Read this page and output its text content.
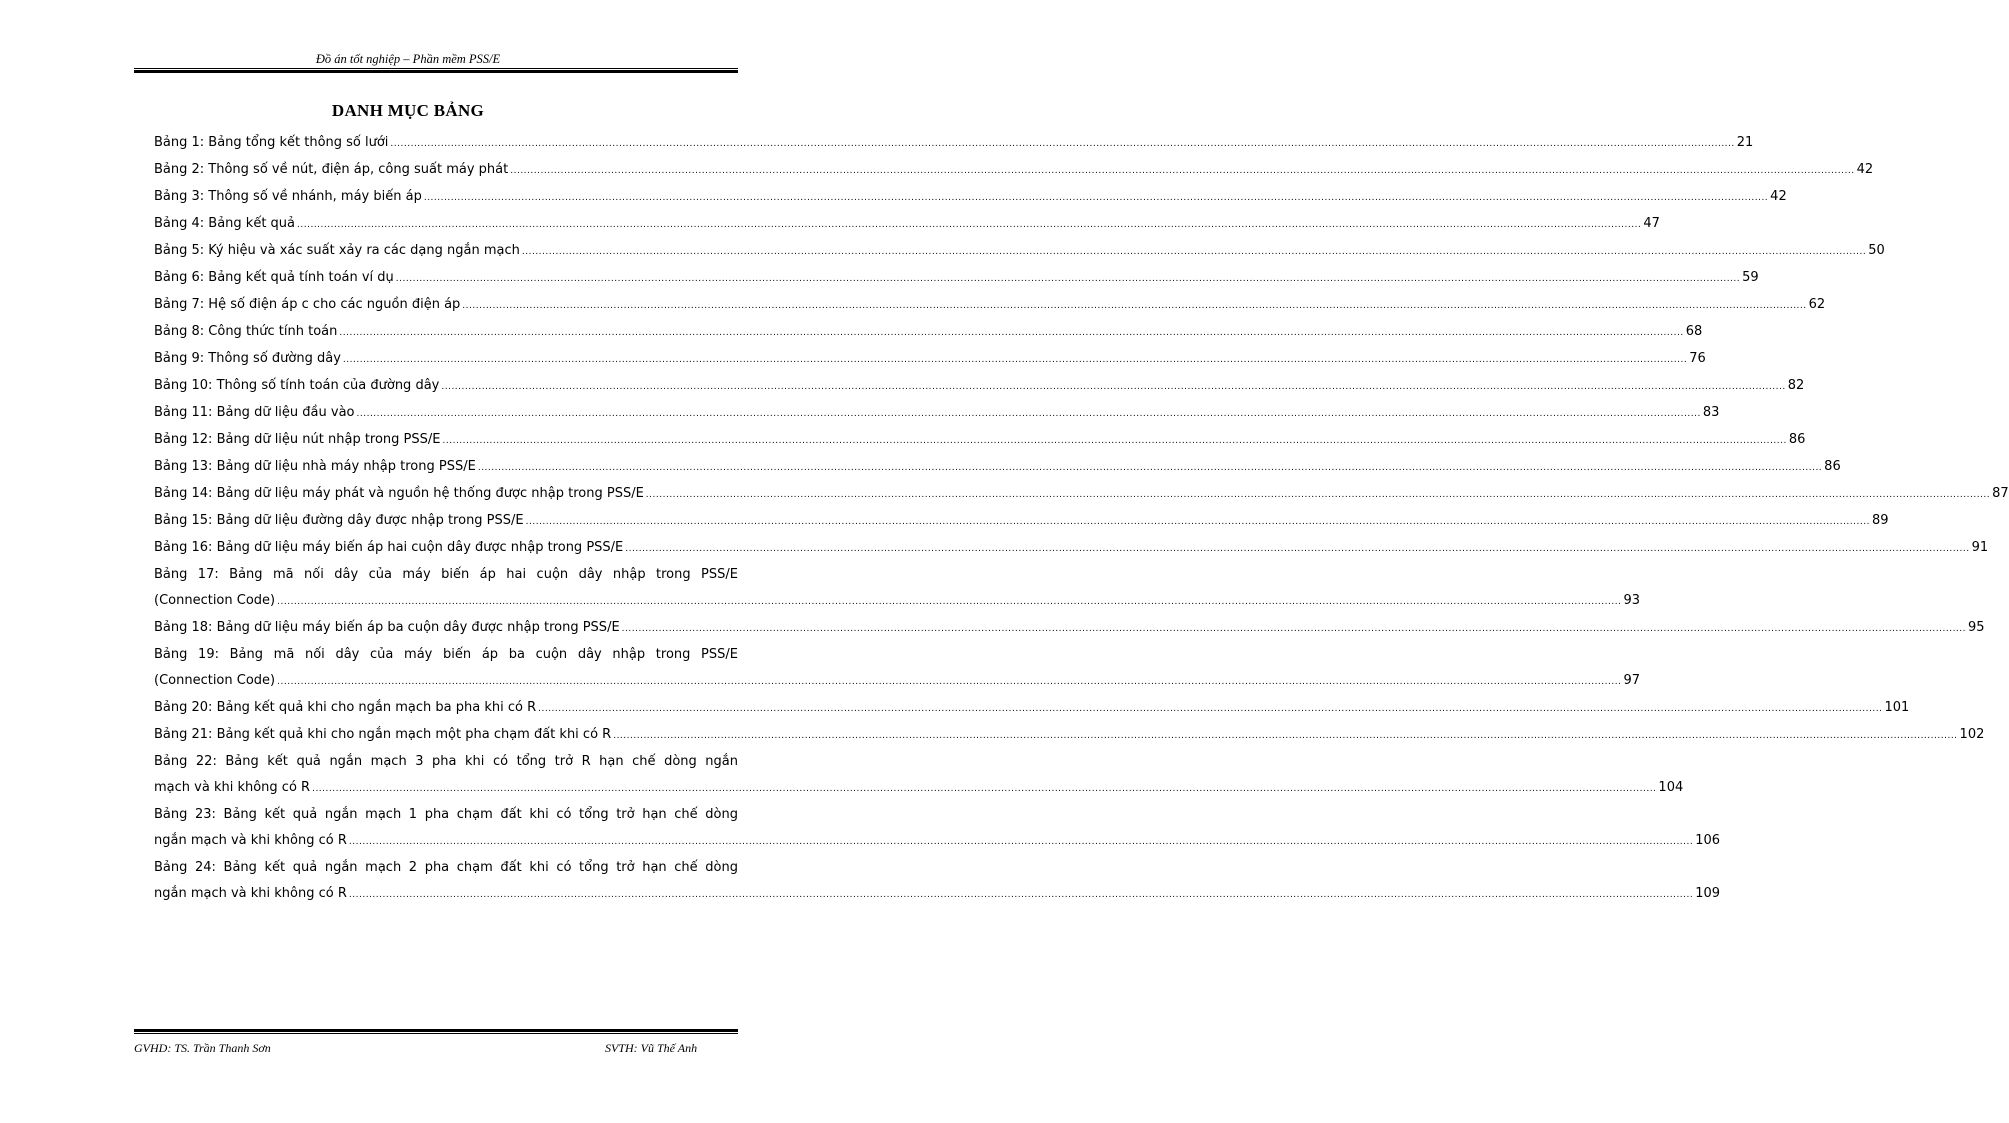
Đồ án tốt nghiệp – Phần mềm PSS/E
DANH MỤC BẢNG
Bảng 1: Bảng tổng kết thông số lưới ................................................................................................................................................................................................................................................................................................................................................................................................................ 21
Bảng 2: Thông số về nút, điện áp, công suất máy phát ................................................................................................................................................................................................................................................................................................................................................................................................................ 42
Bảng 3: Thông số về nhánh, máy biến áp ................................................................................................................................................................................................................................................................................................................................................................................................................ 42
Bảng 4: Bảng kết quả ................................................................................................................................................................................................................................................................................................................................................................................................................ 47
Bảng 5: Ký hiệu và xác suất xảy ra các dạng ngắn mạch ................................................................................................................................................................................................................................................................................................................................................................................................................ 50
Bảng 6: Bảng kết quả tính toán ví dụ ................................................................................................................................................................................................................................................................................................................................................................................................................ 59
Bảng 7: Hệ số điện áp c cho các nguồn điện áp ................................................................................................................................................................................................................................................................................................................................................................................................................ 62
Bảng 8: Công thức tính toán ................................................................................................................................................................................................................................................................................................................................................................................................................ 68
Bảng 9: Thông số đường dây ................................................................................................................................................................................................................................................................................................................................................................................................................ 76
Bảng 10: Thông số tính toán của đường dây ................................................................................................................................................................................................................................................................................................................................................................................................................ 82
Bảng 11: Bảng dữ liệu đầu vào ................................................................................................................................................................................................................................................................................................................................................................................................................ 83
Bảng 12: Bảng dữ liệu nút nhập trong PSS/E ................................................................................................................................................................................................................................................................................................................................................................................................................ 86
Bảng 13: Bảng dữ liệu nhà máy nhập trong PSS/E ................................................................................................................................................................................................................................................................................................................................................................................................................ 86
Bảng 14: Bảng dữ liệu máy phát và nguồn hệ thống được nhập trong PSS/E ................................................................................................................................................................................................................................................................................................................................................................................................................ 87
Bảng 15: Bảng dữ liệu đường dây được nhập trong PSS/E ................................................................................................................................................................................................................................................................................................................................................................................................................ 89
Bảng 16: Bảng dữ liệu máy biến áp hai cuộn dây được nhập trong PSS/E ................................................................................................................................................................................................................................................................................................................................................................................................................ 91
Bảng 17: Bảng mã nối dây của máy biến áp hai cuộn dây nhập trong PSS/E
(Connection Code) ................................................................................................................................................................................................................................................................................................................................................................................................................ 93
Bảng 18: Bảng dữ liệu máy biến áp ba cuộn dây được nhập trong PSS/E ................................................................................................................................................................................................................................................................................................................................................................................................................ 95
Bảng 19: Bảng mã nối dây của máy biến áp ba cuộn dây nhập trong PSS/E
(Connection Code) ................................................................................................................................................................................................................................................................................................................................................................................................................ 97
Bảng 20: Bảng kết quả khi cho ngắn mạch ba pha khi có R ................................................................................................................................................................................................................................................................................................................................................................................................................ 101
Bảng 21: Bảng kết quả khi cho ngắn mạch một pha chạm đất khi có R ................................................................................................................................................................................................................................................................................................................................................................................................................ 102
Bảng 22: Bảng kết quả ngắn mạch 3 pha khi có tổng trở R hạn chế dòng ngắn
mạch và khi không có R ................................................................................................................................................................................................................................................................................................................................................................................................................ 104
Bảng 23: Bảng kết quả ngắn mạch 1 pha chạm đất khi có tổng trở hạn chế dòng
ngắn mạch và khi không có R ................................................................................................................................................................................................................................................................................................................................................................................................................ 106
Bảng 24: Bảng kết quả ngắn mạch 2 pha chạm đất khi có tổng trở hạn chế dòng
ngắn mạch và khi không có R ................................................................................................................................................................................................................................................................................................................................................................................................................ 109
GVHD: TS. Trần Thanh Sơn	SVTH: Vũ Thế Anh
